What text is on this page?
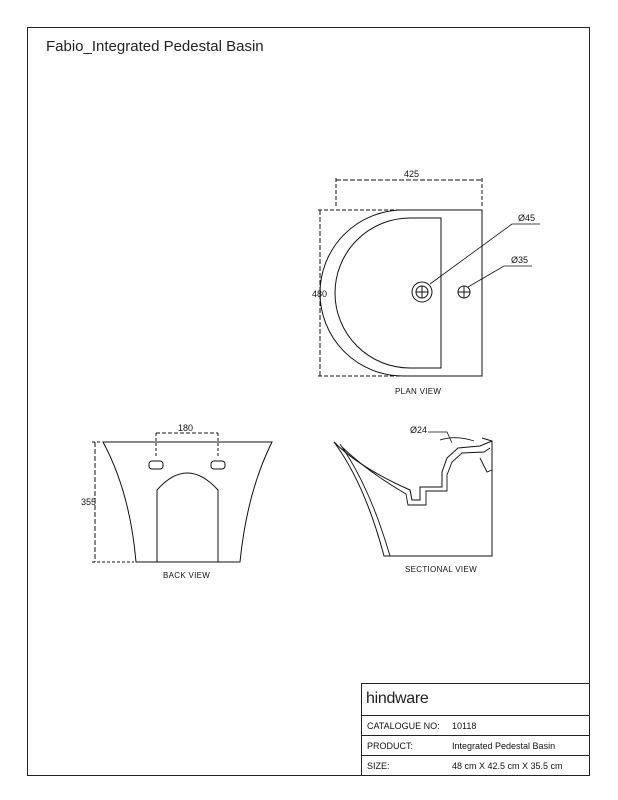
Fabio_Integrated Pedestal Basin
425
480
Ø45
Ø35
PLAN VIEW
180
355
BACK VIEW
Ø24
SECTIONAL VIEW
hindware
CATALOGUE NO: 10118
PRODUCT:	Integrated Pedestal Basin
SIZE:	48 cm X 42.5 cm X 35.5 cm
